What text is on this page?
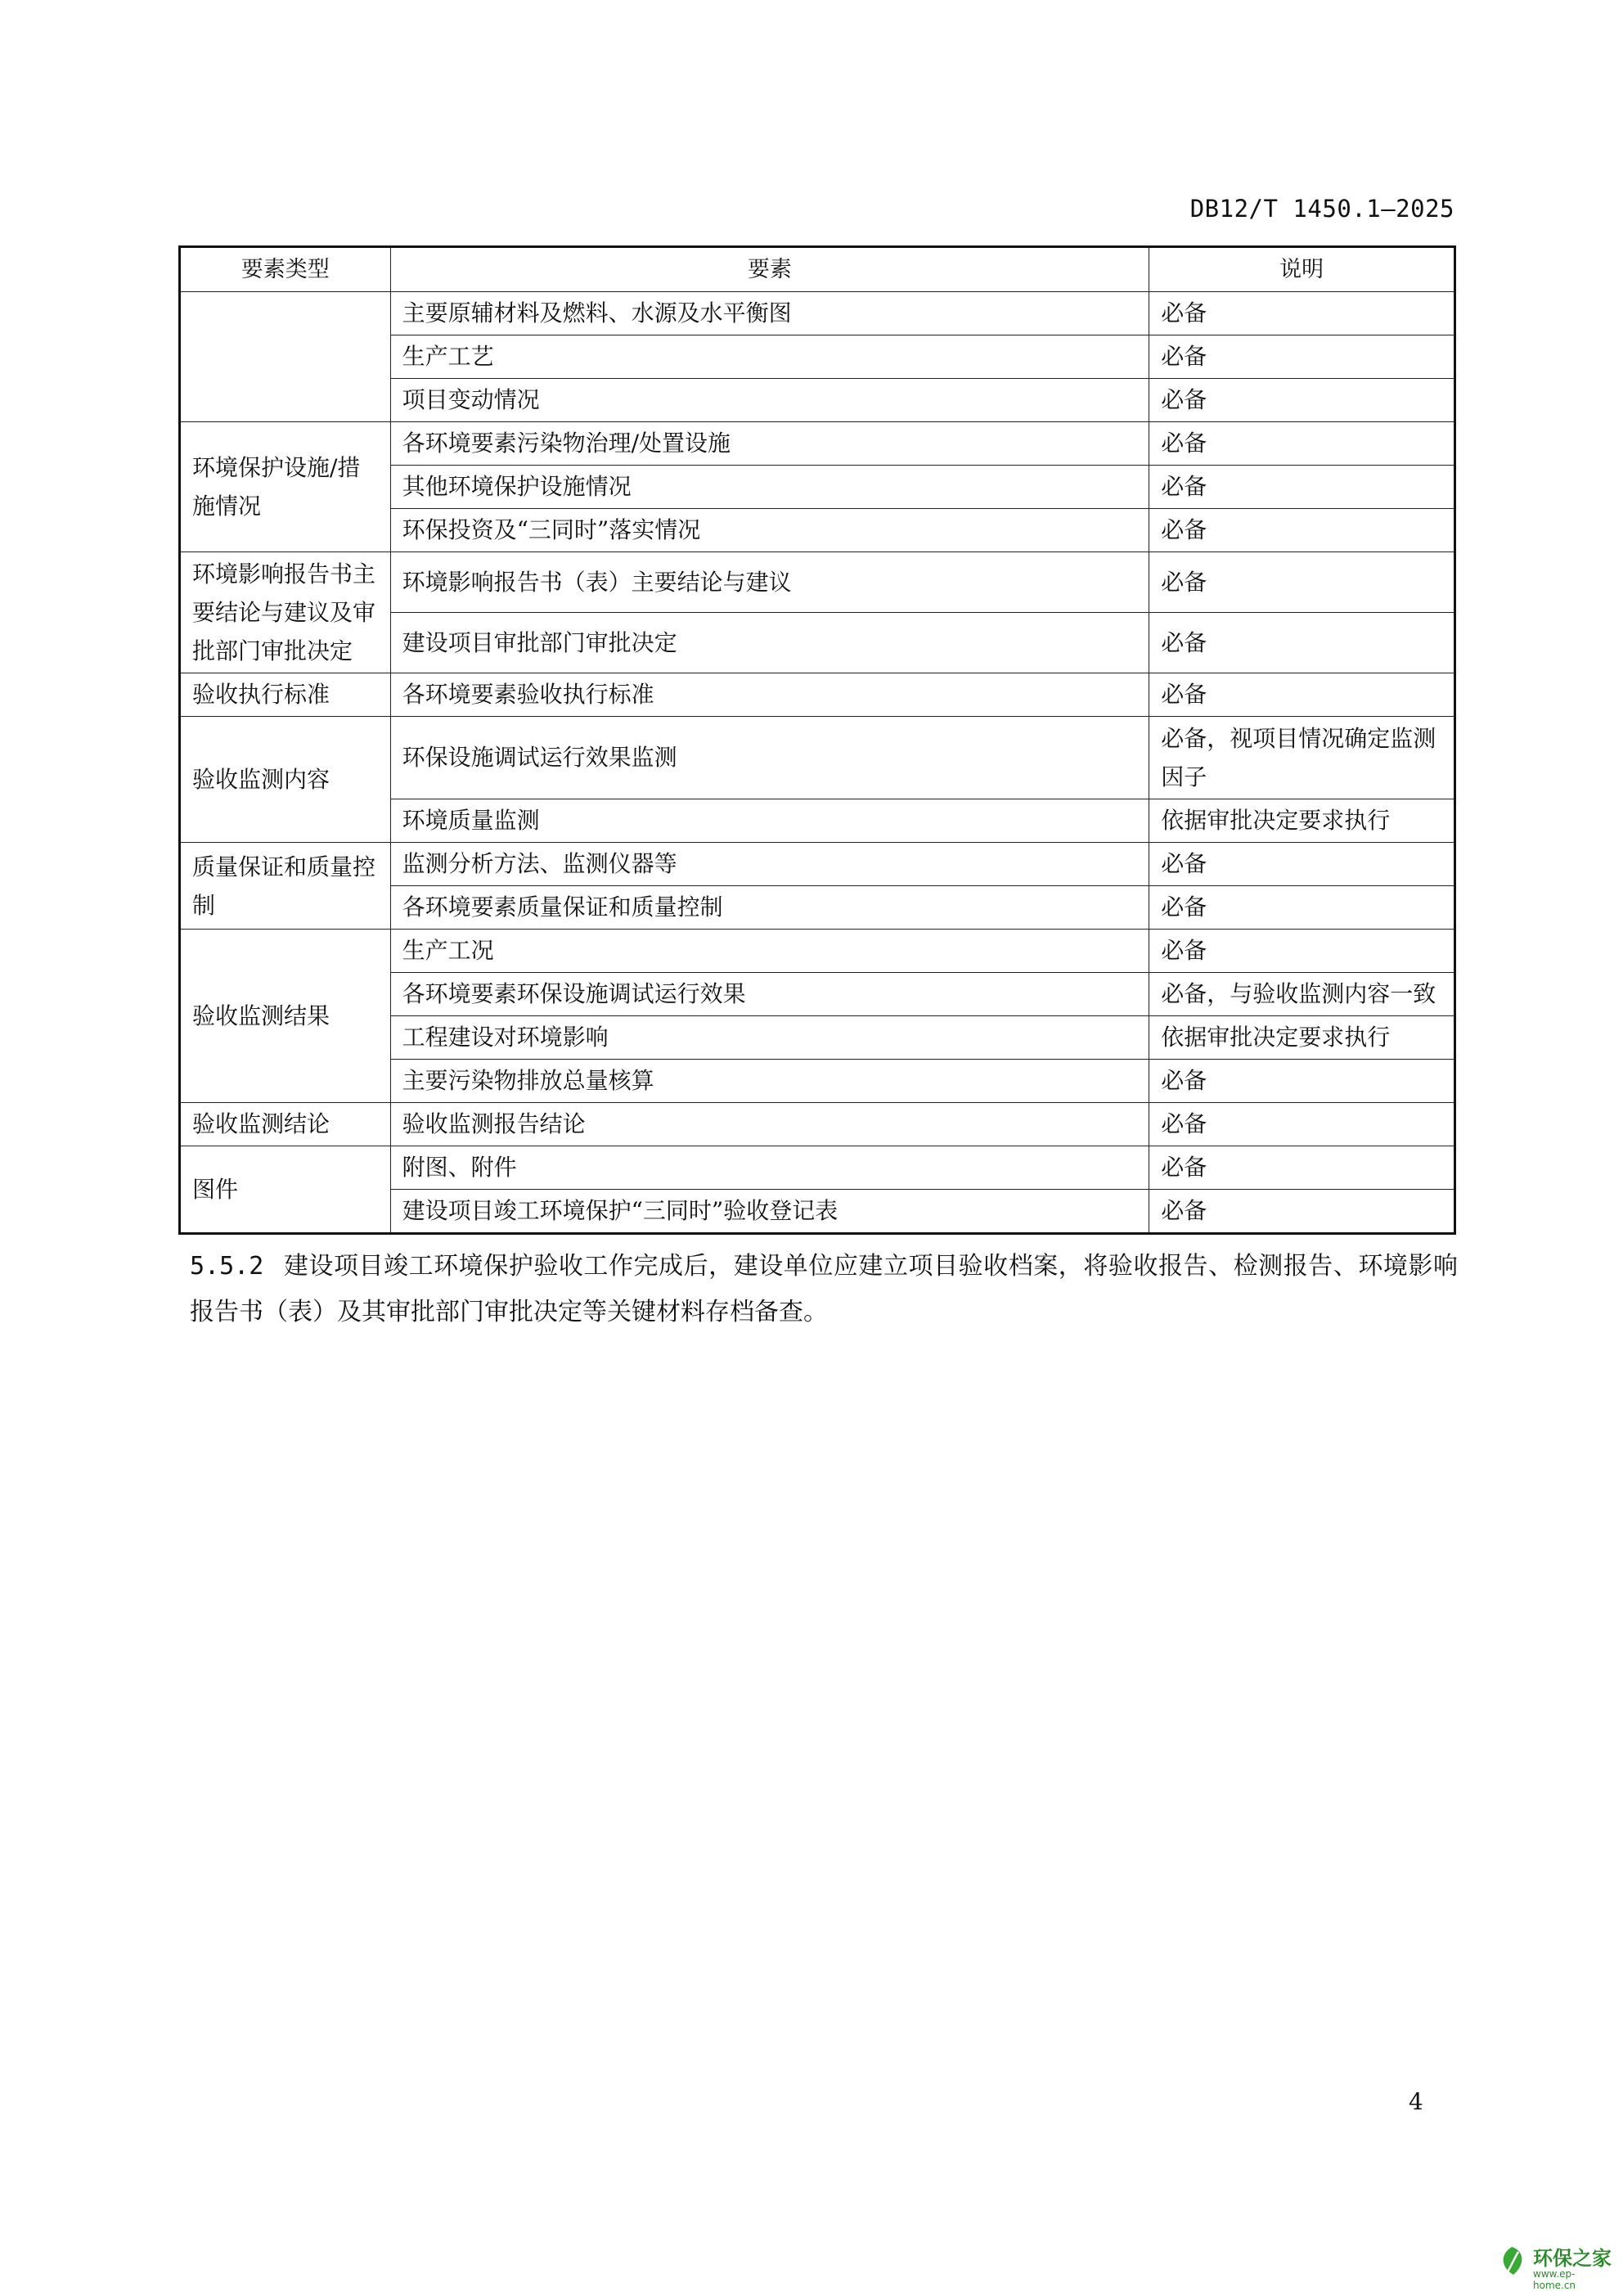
DB12/T 1450.1—2025
要素类型	要素	说明
	主要原辅材料及燃料、水源及水平衡图	必备
	生产工艺	必备
	项目变动情况	必备
环境保护设施/措施情况	各环境要素污染物治理/处置设施	必备
	其他环境保护设施情况	必备
	环保投资及“三同时”落实情况	必备
环境影响报告书主要结论与建议及审批部门审批决定	环境影响报告书（表）主要结论与建议	必备
	建设项目审批部门审批决定	必备
验收执行标准	各环境要素验收执行标准	必备
验收监测内容	环保设施调试运行效果监测	必备，视项目情况确定监测因子
	环境质量监测	依据审批决定要求执行
质量保证和质量控制	监测分析方法、监测仪器等	必备
	各环境要素质量保证和质量控制	必备
验收监测结果	生产工况	必备
	各环境要素环保设施调试运行效果	必备，与验收监测内容一致
	工程建设对环境影响	依据审批决定要求执行
	主要污染物排放总量核算	必备
验收监测结论	验收监测报告结论	必备
图件	附图、附件	必备
	建设项目竣工环境保护“三同时”验收登记表	必备
5.5.2 建设项目竣工环境保护验收工作完成后，建设单位应建立项目验收档案，将验收报告、检测报告、环境影响报告书（表）及其审批部门审批决定等关键材料存档备查。
4
环保之家
www.ep-home.cn
